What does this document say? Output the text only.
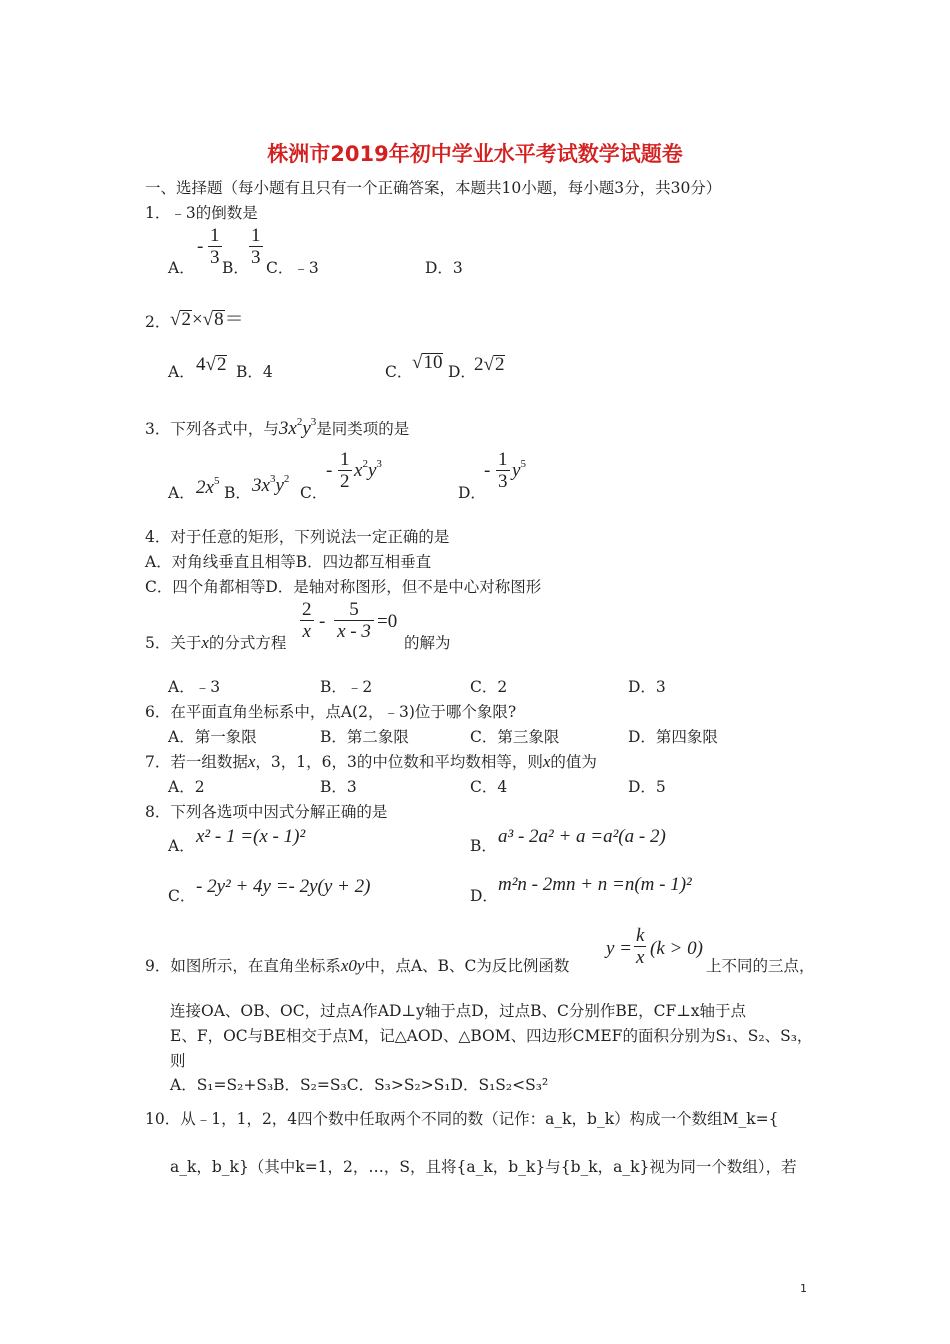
株洲市2019年初中学业水平考试数学试题卷
一、选择题（每小题有且只有一个正确答案，本题共10小题，每小题3分，共30分）
1．﹣3的倒数是
A．
- $\frac{1}{3}$ B． $\frac{1}{3}$ C．﹣3	D．3
2． √2×√8＝
A． 4√2 B．4	C． √10 D．
2√2
3．下列各式中，与$3x^2y^3$是同类项的是
A． $2x^5$
B． $3x^3y^2$
C．
- $\frac{1}{2} x^2y^3$
D．
- $\frac{1}{3} y^5$
4．对于任意的矩形，下列说法一定正确的是
A．对角线垂直且相等B．四边都互相垂直
C．四个角都相等D．是轴对称图形，但不是中心对称图形
$\frac{2}{x} - \frac{5}{x - 3} =0$
5．关于x的分式方程	的解为
A．﹣3	B．﹣2	C．2	D．3
6．在平面直角坐标系中，点A(2，﹣3)位于哪个象限?
A．第一象限	B．第二象限	C．第三象限	D．第四象限
7．若一组数据x，3，1，6，3的中位数和平均数相等，则x的值为
A．2	B．3	C．4	D．5
8．下列各选项中因式分解正确的是
A． x² - 1 =(x - 1)²	B． a³ - 2a² + a =a²(a - 2)
C． - 2y² + 4y =- 2y(y + 2)	D．
m²n - 2mn + n =n(m - 1)²
$y = \frac{k}{x} (k > 0)$
9．如图所示，在直角坐标系x0y中，点A、B、C为反比例函数	上不同的三点，
连接OA、OB、OC，过点A作AD⊥y轴于点D，过点B、C分别作BE，CF⊥x轴于点
E、F，OC与BE相交于点M，记△AOD、△BOM、四边形CMEF的面积分别为S₁、S₂、S₃，
则
A．S₁=S₂+S₃B．S₂=S₃C．S₃>S₂>S₁D．S₁S₂<S₃²
10．从﹣1，1，2，4四个数中任取两个不同的数（记作：a_k，b_k）构成一个数组M_k={
a_k，b_k}（其中k=1，2，…，S，且将{a_k，b_k}与{b_k，a_k}视为同一个数组），若
1
